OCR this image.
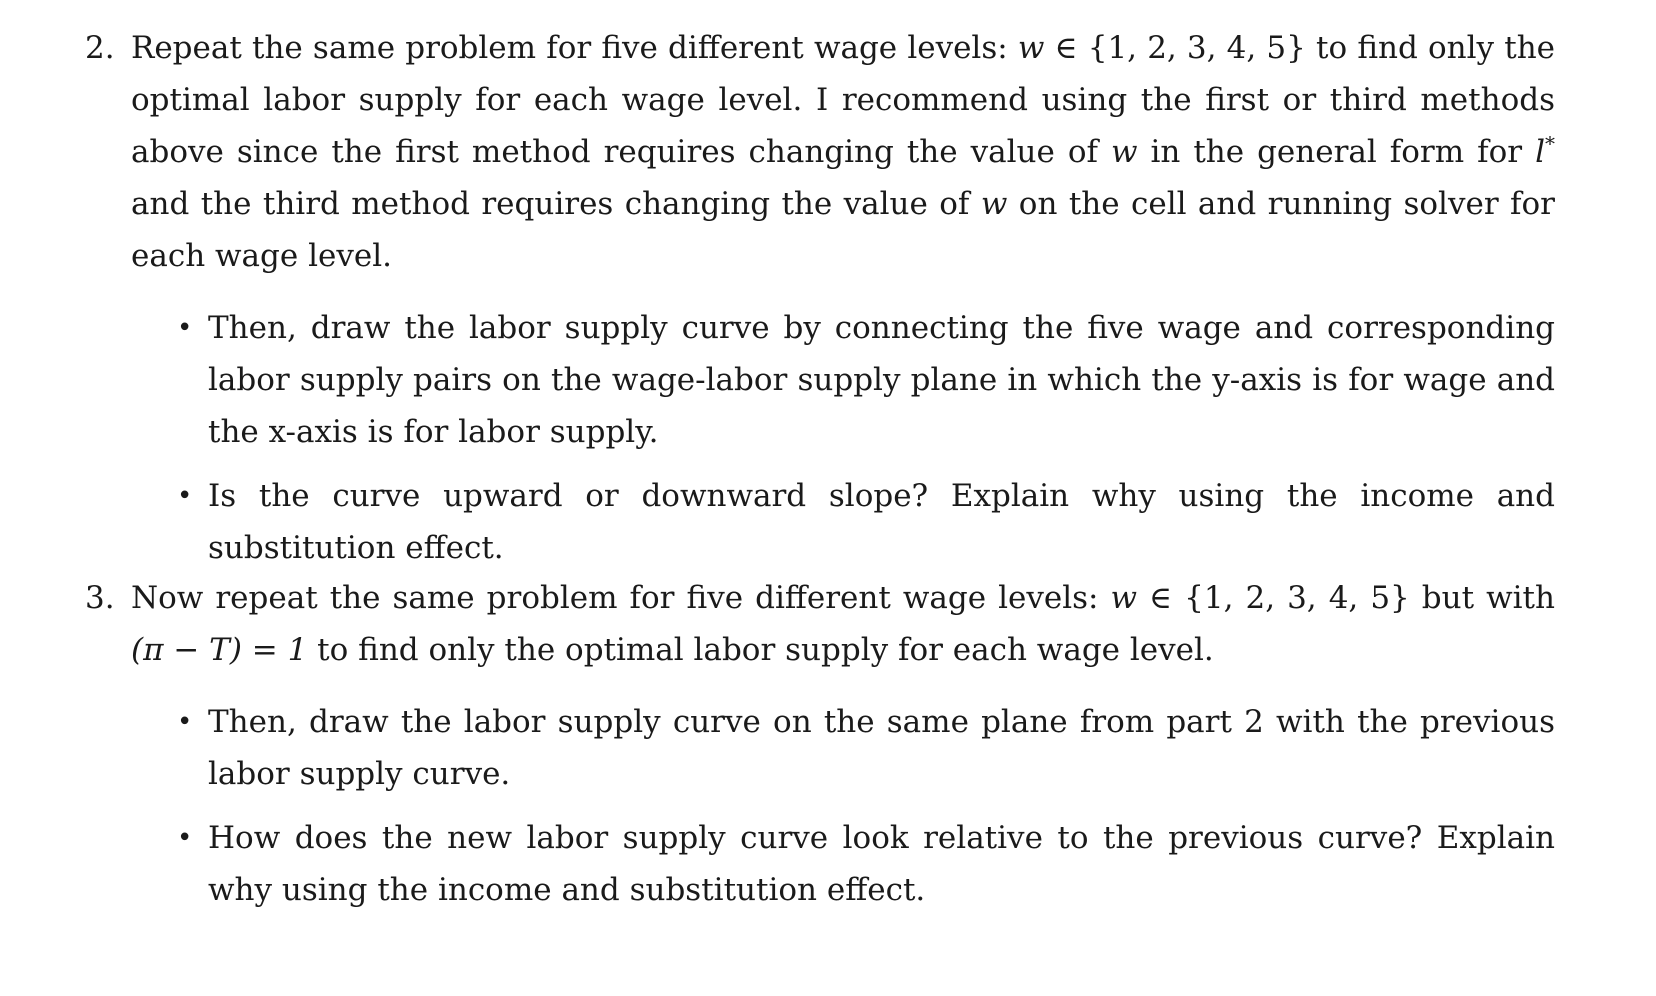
2. Repeat the same problem for five different wage levels: w ∈ {1, 2, 3, 4, 5} to find only the optimal labor supply for each wage level. I recommend using the first or third methods above since the first method requires changing the value of w in the general form for l* and the third method requires changing the value of w on the cell and running solver for each wage level.

• Then, draw the labor supply curve by connecting the five wage and corresponding labor supply pairs on the wage-labor supply plane in which the y-axis is for wage and the x-axis is for labor supply.
• Is the curve upward or downward slope? Explain why using the income and substitution effect.
3. Now repeat the same problem for five different wage levels: w ∈ {1, 2, 3, 4, 5} but with (π − T) = 1 to find only the optimal labor supply for each wage level.

• Then, draw the labor supply curve on the same plane from part 2 with the previous labor supply curve.
• How does the new labor supply curve look relative to the previous curve? Explain why using the income and substitution effect.
